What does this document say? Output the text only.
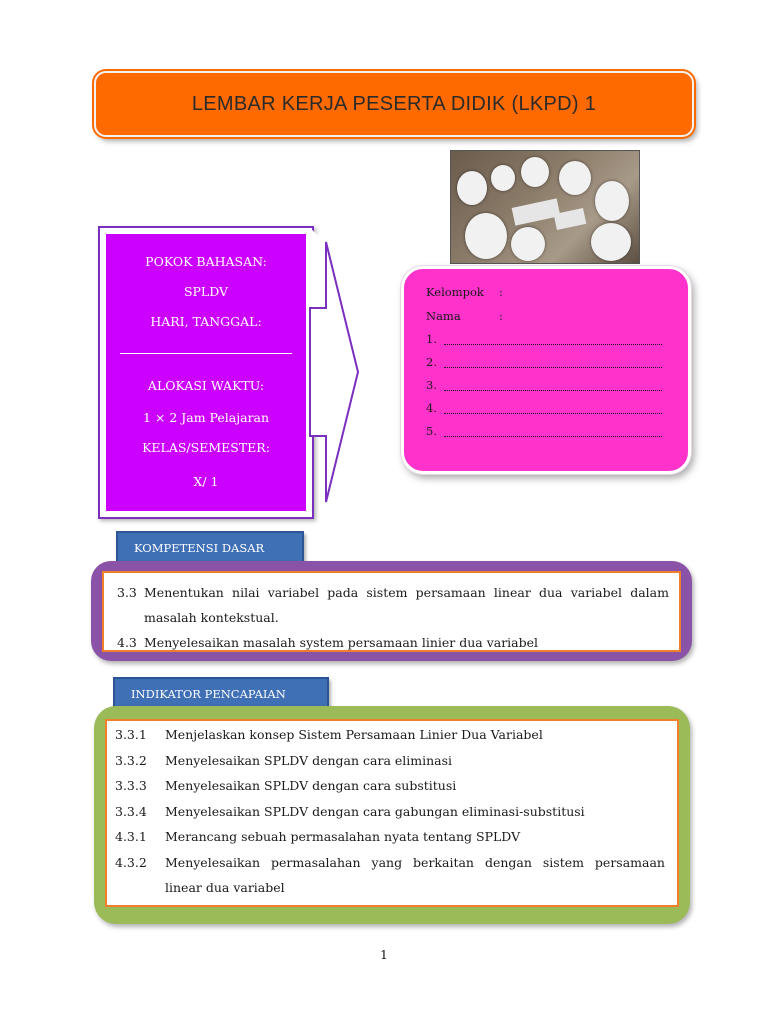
LEMBAR KERJA PESERTA DIDIK (LKPD) 1
POKOK BAHASAN:
SPLDV
HARI, TANGGAL:
ALOKASI WAKTU:
1 × 2 Jam Pelajaran
KELAS/SEMESTER:
X/ 1
Kelompok :
Nama	:
1.
2.
3.
4.
5.
KOMPETENSI DASAR
3.3 Menentukan nilai variabel pada sistem persamaan linear dua variabel dalam
masalah kontekstual.
4.3 Menyelesaikan masalah system persamaan linier dua variabel
INDIKATOR PENCAPAIAN
3.3.1 Menjelaskan konsep Sistem Persamaan Linier Dua Variabel
3.3.2 Menyelesaikan SPLDV dengan cara eliminasi
3.3.3 Menyelesaikan SPLDV dengan cara substitusi
3.3.4 Menyelesaikan SPLDV dengan cara gabungan eliminasi-substitusi
4.3.1 Merancang sebuah permasalahan nyata tentang SPLDV
4.3.2 Menyelesaikan permasalahan yang berkaitan dengan sistem persamaan
linear dua variabel
1
